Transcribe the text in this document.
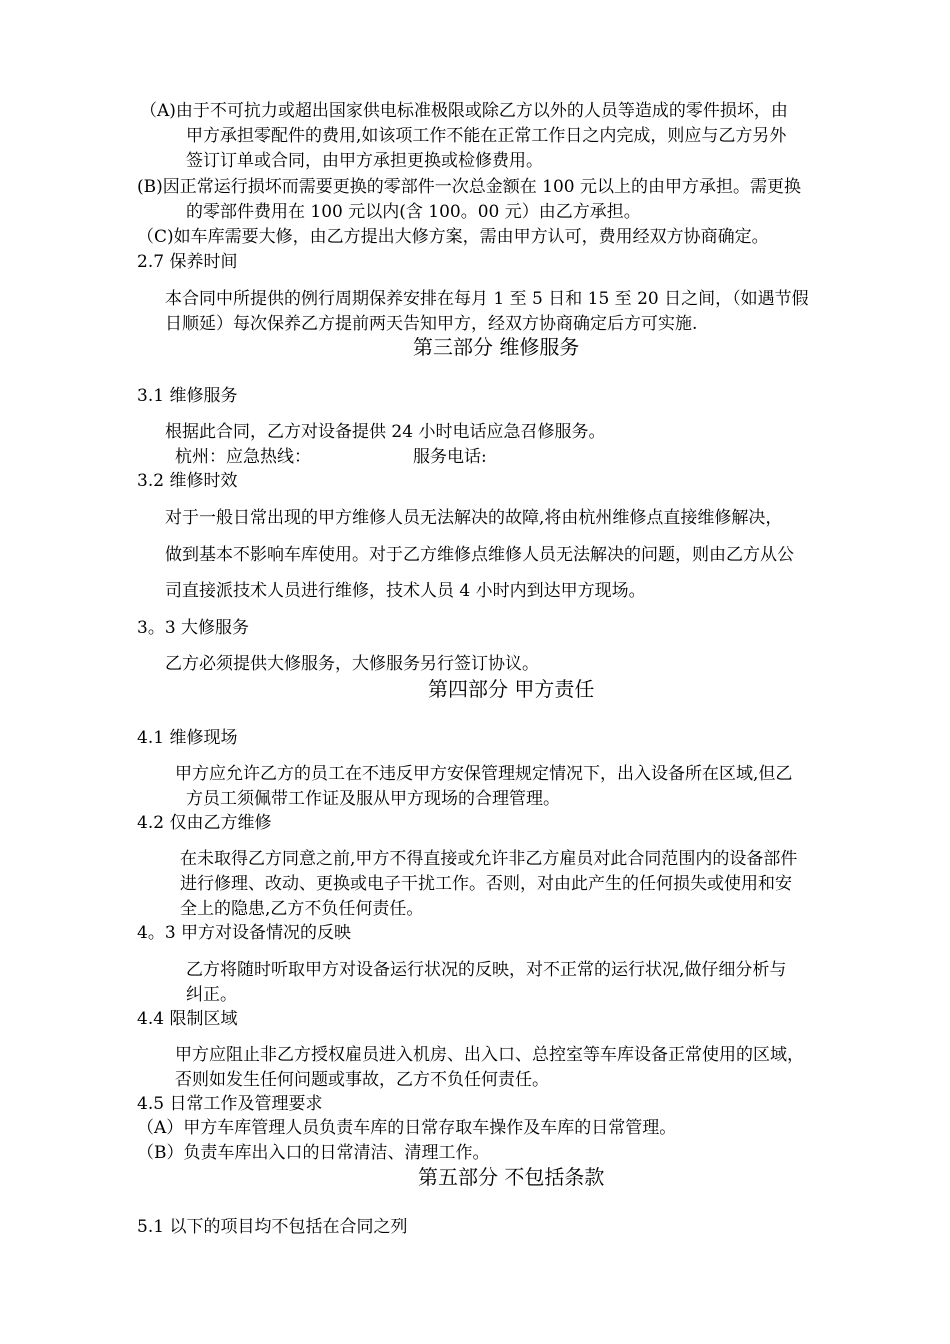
（A)由于不可抗力或超出国家供电标准极限或除乙方以外的人员等造成的零件损坏，由
甲方承担零配件的费用,如该项工作不能在正常工作日之内完成，则应与乙方另外
签订订单或合同，由甲方承担更换或检修费用。
(B)因正常运行损坏而需要更换的零部件一次总金额在 100 元以上的由甲方承担。需更换
的零部件费用在 100 元以内(含 100。00 元）由乙方承担。
（C)如车库需要大修，由乙方提出大修方案，需由甲方认可，费用经双方协商确定。
2.7 保养时间
本合同中所提供的例行周期保养安排在每月 1 至 5 日和 15 至 20 日之间，（如遇节假
日顺延）每次保养乙方提前两天告知甲方，经双方协商确定后方可实施.
第三部分 维修服务
3.1 维修服务
根据此合同，乙方对设备提供 24 小时电话应急召修服务。
杭州：应急热线：	服务电话:
3.2 维修时效
对于一般日常出现的甲方维修人员无法解决的故障,将由杭州维修点直接维修解决，
做到基本不影响车库使用。对于乙方维修点维修人员无法解决的问题，则由乙方从公
司直接派技术人员进行维修，技术人员 4 小时内到达甲方现场。
3。3 大修服务
乙方必须提供大修服务，大修服务另行签订协议。
第四部分 甲方责任
4.1 维修现场
甲方应允许乙方的员工在不违反甲方安保管理规定情况下，出入设备所在区域,但乙
方员工须佩带工作证及服从甲方现场的合理管理。
4.2 仅由乙方维修
在未取得乙方同意之前,甲方不得直接或允许非乙方雇员对此合同范围内的设备部件
进行修理、改动、更换或电子干扰工作。否则，对由此产生的任何损失或使用和安
全上的隐患,乙方不负任何责任。
4。3 甲方对设备情况的反映
乙方将随时听取甲方对设备运行状况的反映，对不正常的运行状况,做仔细分析与
纠正。
4.4 限制区域
甲方应阻止非乙方授权雇员进入机房、出入口、总控室等车库设备正常使用的区域，
否则如发生任何问题或事故，乙方不负任何责任。
4.5 日常工作及管理要求
（A）甲方车库管理人员负责车库的日常存取车操作及车库的日常管理。
（B）负责车库出入口的日常清洁、清理工作。
第五部分 不包括条款
5.1 以下的项目均不包括在合同之列
